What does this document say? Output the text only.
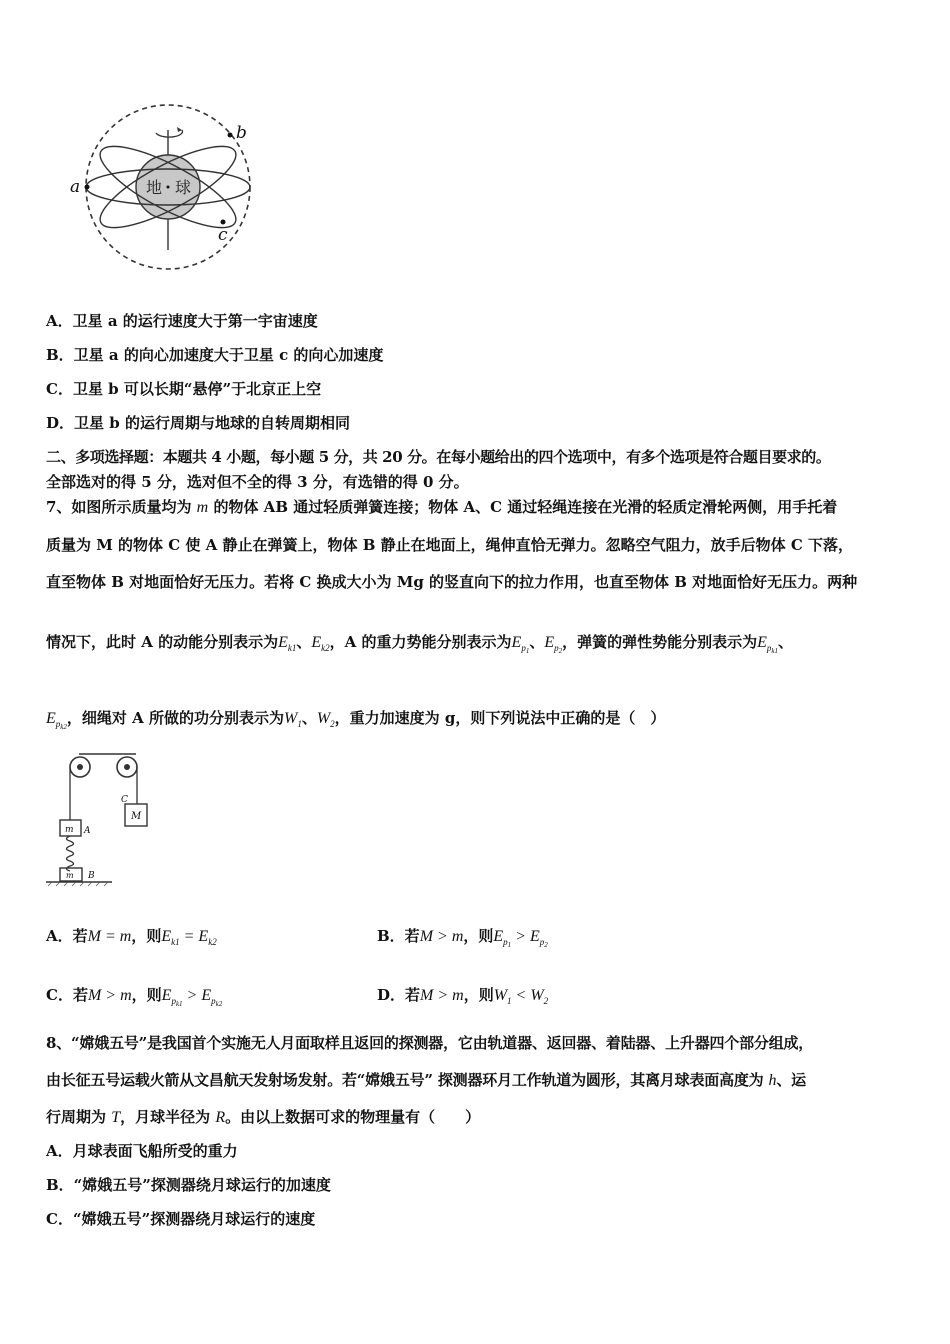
地 球
a
b
c
A．卫星 a 的运行速度大于第一宇宙速度
B．卫星 a 的向心加速度大于卫星 c 的向心加速度
C．卫星 b 可以长期“悬停”于北京正上空
D．卫星 b 的运行周期与地球的自转周期相同
二、多项选择题：本题共 4 小题，每小题 5 分，共 20 分。在每小题给出的四个选项中，有多个选项是符合题目要求的。
全部选对的得 5 分，选对但不全的得 3 分，有选错的得 0 分。
7、如图所示质量均为 m 的物体 AB 通过轻质弹簧连接；物体 A、C 通过轻绳连接在光滑的轻质定滑轮两侧，用手托着
质量为 M 的物体 C 使 A 静止在弹簧上，物体 B 静止在地面上，绳伸直恰无弹力。忽略空气阻力，放手后物体 C 下落，
直至物体 B 对地面恰好无压力。若将 C 换成大小为 Mg 的竖直向下的拉力作用，也直至物体 B 对地面恰好无压力。两种
情况下，此时 A 的动能分别表示为$E_{k1}$、$E_{k2}$，A 的重力势能分别表示为$E_{p_1}$、$E_{p_2}$，弹簧的弹性势能分别表示为$E_{p_{k1}}$、
$E_{p_{k2}}$，细绳对 A 所做的功分别表示为$W_1$、$W_2$，重力加速度为 g，则下列说法中正确的是（　）
m A
M
C
m B
A．若M = m，则$E_{k1} = E_{k2}$	B．若M > m，则$E_{p_1} > E_{p_2}$
C．若M > m，则$E_{p_{k1}} > E_{p_{k2}}$	D．若M > m，则$W_1 < W_2$
8、“嫦娥五号”是我国首个实施无人月面取样且返回的探测器，它由轨道器、返回器、着陆器、上升器四个部分组成，
由长征五号运载火箭从文昌航天发射场发射。若“嫦娥五号” 探测器环月工作轨道为圆形，其离月球表面高度为 h、运
行周期为 T，月球半径为 R。由以上数据可求的物理量有（　　）
A．月球表面飞船所受的重力
B．“嫦娥五号”探测器绕月球运行的加速度
C．“嫦娥五号”探测器绕月球运行的速度
